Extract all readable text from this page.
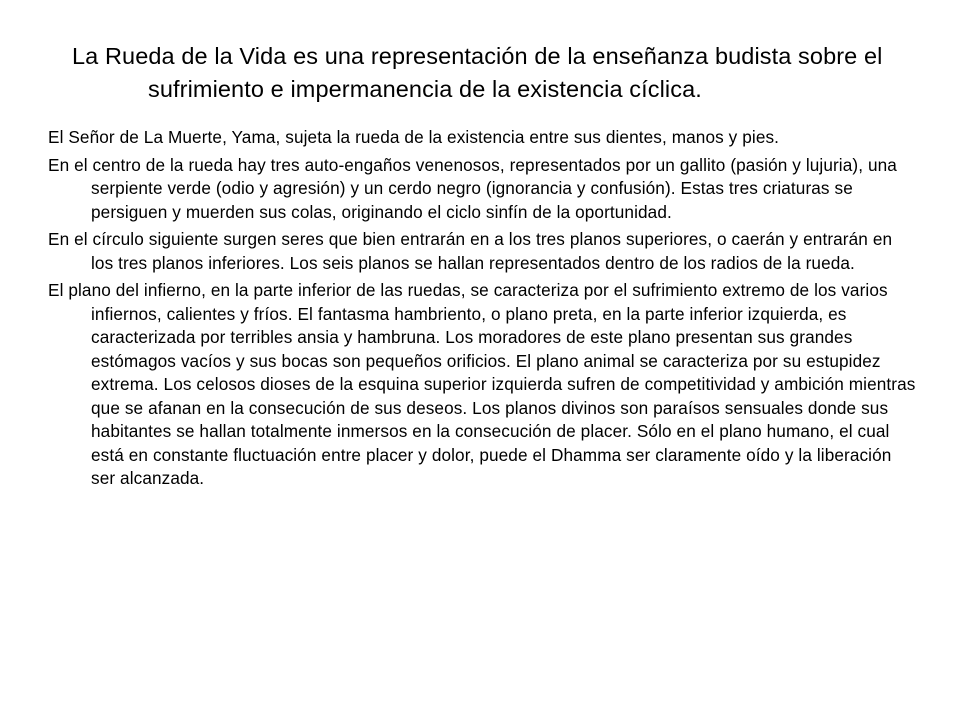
La Rueda de la Vida es una representación de la enseñanza budista sobre el sufrimiento e impermanencia de la existencia cíclica.

El Señor de La Muerte, Yama, sujeta la rueda de la existencia entre sus dientes, manos y pies.

En el centro de la rueda hay tres auto-engaños venenosos, representados por un gallito (pasión y lujuria), una serpiente verde (odio y agresión) y un cerdo negro (ignorancia y confusión). Estas tres criaturas se persiguen y muerden sus colas, originando el ciclo sinfín de la oportunidad.

En el círculo siguiente surgen seres que bien entrarán en a los tres planos superiores, o caerán y entrarán en los tres planos inferiores. Los seis planos se hallan representados dentro de los radios de la rueda.

El plano del infierno, en la parte inferior de las ruedas, se caracteriza por el sufrimiento extremo de los varios infiernos, calientes y fríos. El fantasma hambriento, o plano preta, en la parte inferior izquierda, es caracterizada por terribles ansia y hambruna. Los moradores de este plano presentan sus grandes estómagos vacíos y sus bocas son pequeños orificios. El plano animal se caracteriza por su estupidez extrema. Los celosos dioses de la esquina superior izquierda sufren de competitividad y ambición mientras que se afanan en la consecución de sus deseos. Los planos divinos son paraísos sensuales donde sus habitantes se hallan totalmente inmersos en la consecución de placer. Sólo en el plano humano, el cual está en constante fluctuación entre placer y dolor, puede el Dhamma ser claramente oído y la liberación ser alcanzada.
